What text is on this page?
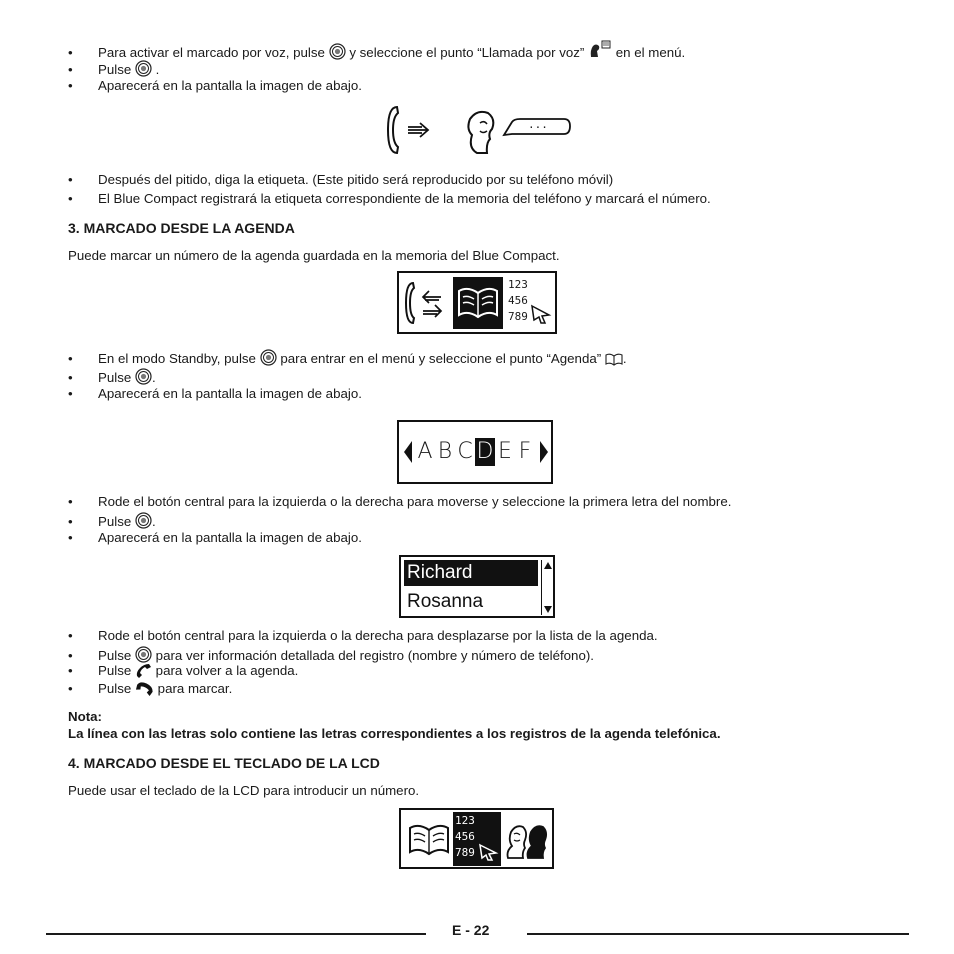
• Para activar el marcado por voz, pulse y seleccione el punto “Llamada por voz” en el menú.
• Pulse .
• Aparecerá en la pantalla la imagen de abajo.
...
• Después del pitido, diga la etiqueta. (Este pitido será reproducido por su teléfono móvil)
• El Blue Compact registrará la etiqueta correspondiente de la memoria del teléfono y marcará el número.
3. MARCADO DESDE LA AGENDA
Puede marcar un número de la agenda guardada en la memoria del Blue Compact.
123
456
789
• En el modo Standby, pulse para entrar en el menú y seleccione el punto “Agenda” .
• Pulse .
• Aparecerá en la pantalla la imagen de abajo.
A B C D E F
• Rode el botón central para la izquierda o la derecha para moverse y seleccione la primera letra del nombre.
• Pulse .
• Aparecerá en la pantalla la imagen de abajo.
Richard
Rosanna
• Rode el botón central para la izquierda o la derecha para desplazarse por la lista de la agenda.
• Pulse para ver información detallada del registro (nombre y número de teléfono).
• Pulse para volver a la agenda.
• Pulse para marcar.
Nota:
La línea con las letras solo contiene las letras correspondientes a los registros de la agenda telefónica.
4. MARCADO DESDE EL TECLADO DE LA LCD
Puede usar el teclado de la LCD para introducir un número.
123
456
789
E - 22
